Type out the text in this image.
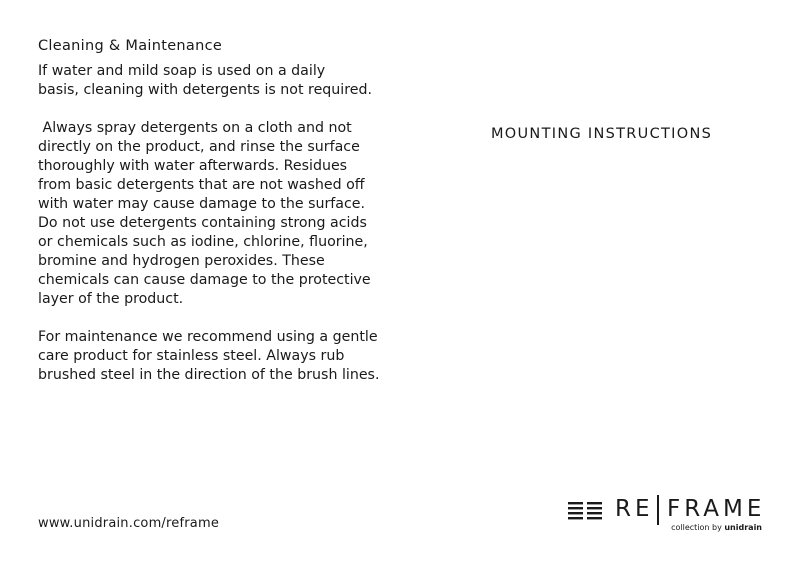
Cleaning & Maintenance

If water and mild soap is used on a daily
basis, cleaning with detergents is not required.

Always spray detergents on a cloth and not
directly on the product, and rinse the surface
thoroughly with water afterwards. Residues
from basic detergents that are not washed off
with water may cause damage to the surface.
Do not use detergents containing strong acids
or chemicals such as iodine, chlorine, fluorine,
bromine and hydrogen peroxides. These
chemicals can cause damage to the protective
layer of the product.

For maintenance we recommend using a gentle
care product for stainless steel. Always rub
brushed steel in the direction of the brush lines.

www.unidrain.com/reframe
MOUNTING INSTRUCTIONS
RE FRAME
collection by unidrain
